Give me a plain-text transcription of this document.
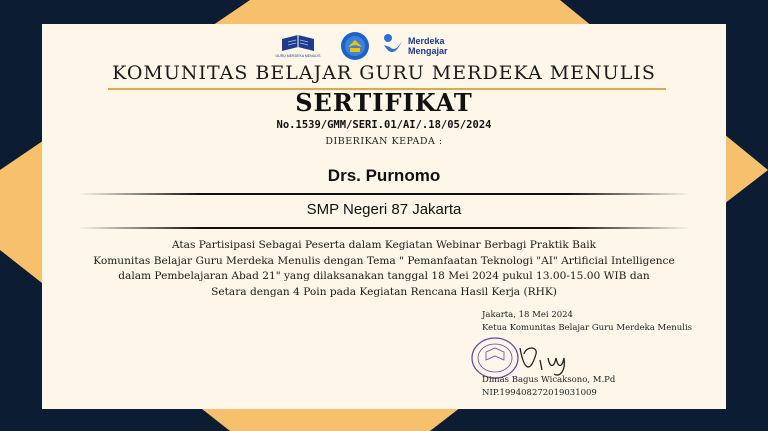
GURU MERDEKA MENULIS
Merdeka
Mengajar
KOMUNITAS BELAJAR GURU MERDEKA MENULIS
SERTIFIKAT
No.1539/GMM/SERI.01/AI/.18/05/2024
DIBERIKAN KEPADA :
Drs. Purnomo
SMP Negeri 87 Jakarta
Atas Partisipasi Sebagai Peserta dalam Kegiatan Webinar Berbagi Praktik Baik
Komunitas Belajar Guru Merdeka Menulis dengan Tema " Pemanfaatan Teknologi "AI" Artificial Intelligence
dalam Pembelajaran Abad 21" yang dilaksanakan tanggal 18 Mei 2024 pukul 13.00-15.00 WIB dan
Setara dengan 4 Poin pada Kegiatan Rencana Hasil Kerja (RHK)
Jakarta, 18 Mei 2024
Ketua Komunitas Belajar Guru Merdeka Menulis
Dimas Bagus Wicaksono, M.Pd
NIP.199408272019031009
